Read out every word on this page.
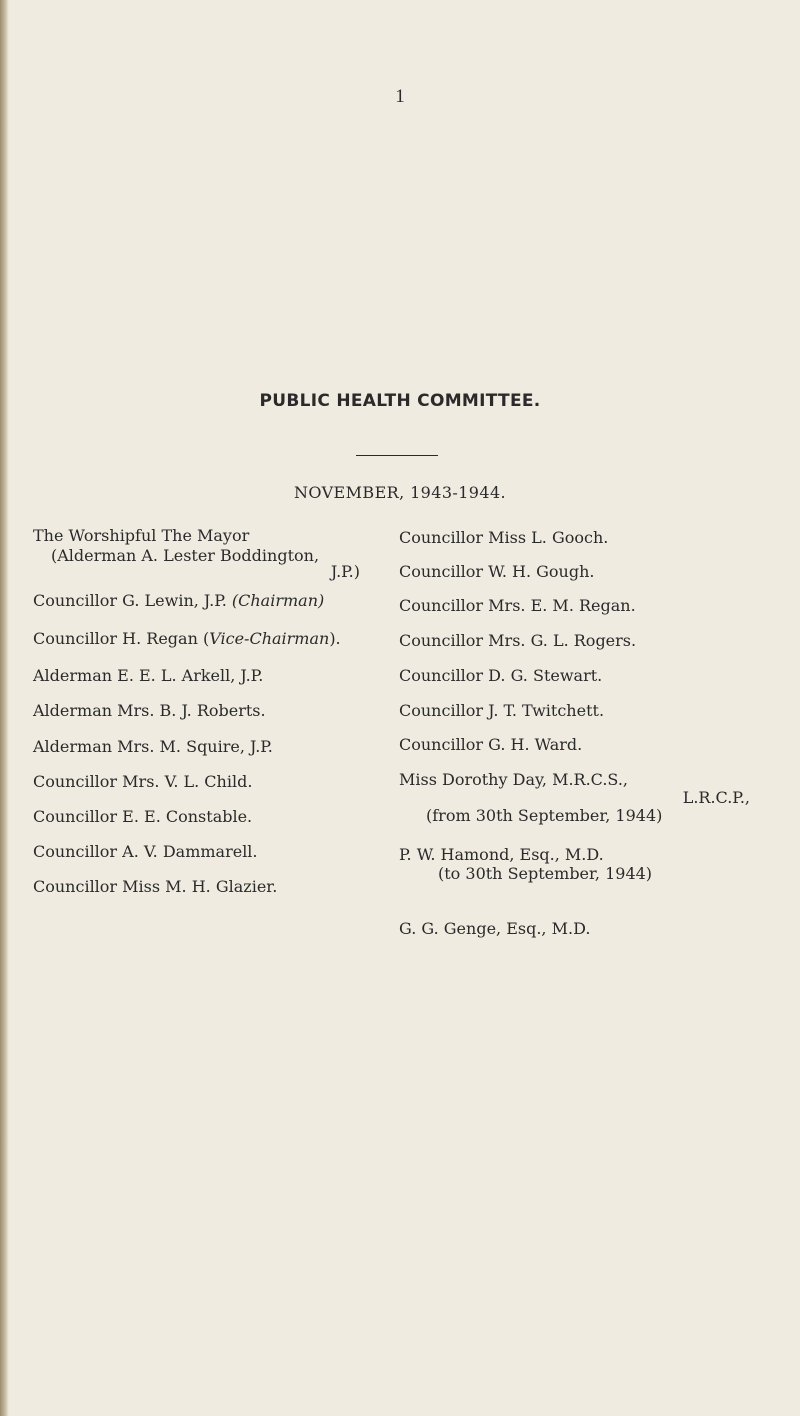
1
PUBLIC HEALTH COMMITTEE.
NOVEMBER, 1943-1944.
The Worshipful The Mayor
(Alderman A. Lester Boddington,
J.P.)
Councillor G. Lewin, J.P. (Chairman)
Councillor H. Regan (Vice-Chairman).
Alderman E. E. L. Arkell, J.P.
Alderman Mrs. B. J. Roberts.
Alderman Mrs. M. Squire, J.P.
Councillor Mrs. V. L. Child.
Councillor E. E. Constable.
Councillor A. V. Dammarell.
Councillor Miss M. H. Glazier.
Councillor Miss L. Gooch.
Councillor W. H. Gough.
Councillor Mrs. E. M. Regan.
Councillor Mrs. G. L. Rogers.
Councillor D. G. Stewart.
Councillor J. T. Twitchett.
Councillor G. H. Ward.
Miss Dorothy Day, M.R.C.S.,
L.R.C.P.,
(from 30th September, 1944)
P. W. Hamond, Esq., M.D.
(to 30th September, 1944)
G. G. Genge, Esq., M.D.
